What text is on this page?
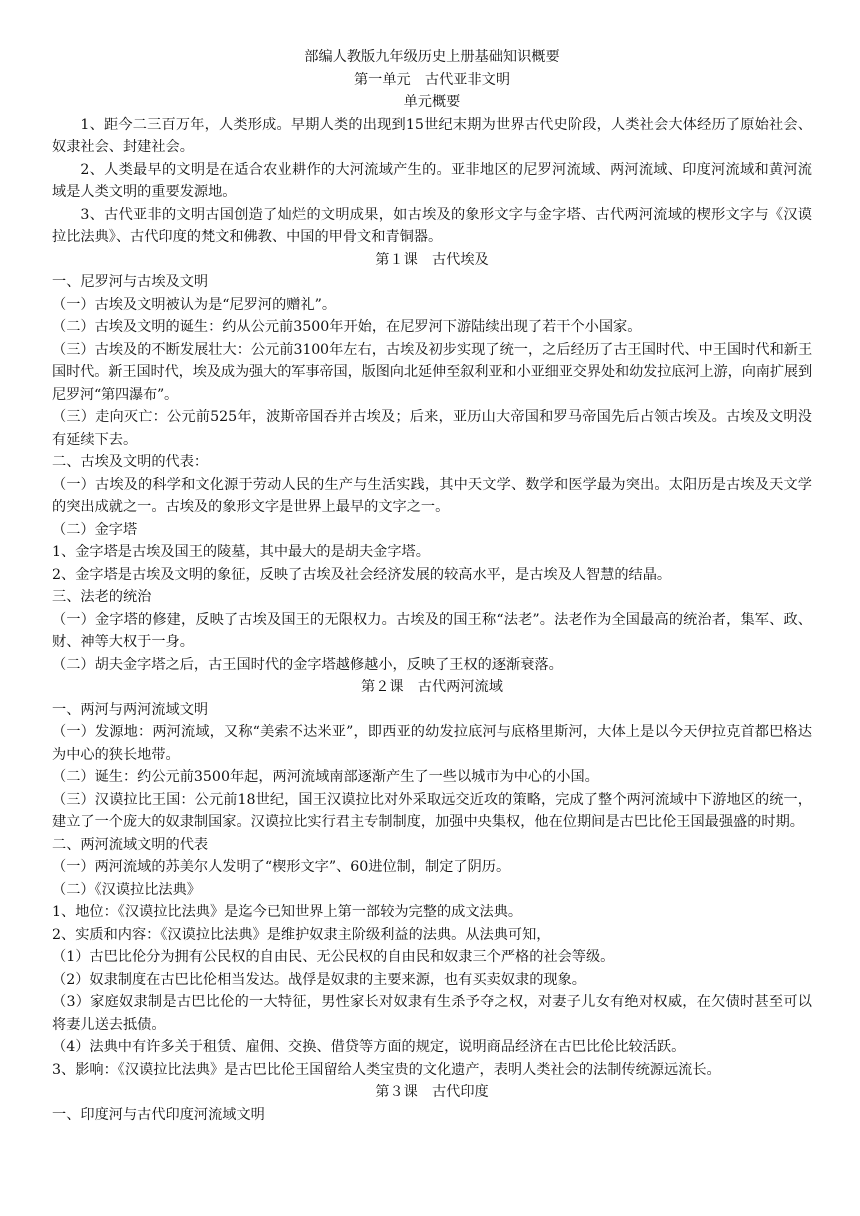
部编人教版九年级历史上册基础知识概要
第一单元　古代亚非文明
单元概要
1、距今二三百万年，人类形成。早期人类的出现到15世纪末期为世界古代史阶段，人类社会大体经历了原始社会、奴隶社会、封建社会。
2、人类最早的文明是在适合农业耕作的大河流域产生的。亚非地区的尼罗河流域、两河流域、印度河流域和黄河流域是人类文明的重要发源地。
3、古代亚非的文明古国创造了灿烂的文明成果，如古埃及的象形文字与金字塔、古代两河流域的楔形文字与《汉谟拉比法典》、古代印度的梵文和佛教、中国的甲骨文和青铜器。
第１课　古代埃及
一、尼罗河与古埃及文明
（一）古埃及文明被认为是“尼罗河的赠礼”。
（二）古埃及文明的诞生：约从公元前3500年开始，在尼罗河下游陆续出现了若干个小国家。
（三）古埃及的不断发展壮大：公元前3100年左右，古埃及初步实现了统一，之后经历了古王国时代、中王国时代和新王国时代。新王国时代，埃及成为强大的军事帝国，版图向北延伸至叙利亚和小亚细亚交界处和幼发拉底河上游，向南扩展到尼罗河“第四瀑布”。
（三）走向灭亡：公元前525年，波斯帝国吞并古埃及；后来，亚历山大帝国和罗马帝国先后占领古埃及。古埃及文明没有延续下去。
二、古埃及文明的代表：
（一）古埃及的科学和文化源于劳动人民的生产与生活实践，其中天文学、数学和医学最为突出。太阳历是古埃及天文学的突出成就之一。古埃及的象形文字是世界上最早的文字之一。
（二）金字塔
1、金字塔是古埃及国王的陵墓，其中最大的是胡夫金字塔。
2、金字塔是古埃及文明的象征，反映了古埃及社会经济发展的较高水平，是古埃及人智慧的结晶。
三、法老的统治
（一）金字塔的修建，反映了古埃及国王的无限权力。古埃及的国王称“法老”。法老作为全国最高的统治者，集军、政、财、神等大权于一身。
（二）胡夫金字塔之后，古王国时代的金字塔越修越小，反映了王权的逐渐衰落。
第２课　古代两河流域
一、两河与两河流域文明
（一）发源地：两河流域，又称“美索不达米亚”，即西亚的幼发拉底河与底格里斯河，大体上是以今天伊拉克首都巴格达为中心的狭长地带。
（二）诞生：约公元前3500年起，两河流域南部逐渐产生了一些以城市为中心的小国。
（三）汉谟拉比王国：公元前18世纪，国王汉谟拉比对外采取远交近攻的策略，完成了整个两河流域中下游地区的统一，建立了一个庞大的奴隶制国家。汉谟拉比实行君主专制制度，加强中央集权，他在位期间是古巴比伦王国最强盛的时期。
二、两河流域文明的代表
（一）两河流域的苏美尔人发明了“楔形文字”、60进位制，制定了阴历。
（二）《汉谟拉比法典》
1、地位：《汉谟拉比法典》是迄今已知世界上第一部较为完整的成文法典。
2、实质和内容：《汉谟拉比法典》是维护奴隶主阶级利益的法典。从法典可知，
（1）古巴比伦分为拥有公民权的自由民、无公民权的自由民和奴隶三个严格的社会等级。
（2）奴隶制度在古巴比伦相当发达。战俘是奴隶的主要来源，也有买卖奴隶的现象。
（3）家庭奴隶制是古巴比伦的一大特征，男性家长对奴隶有生杀予夺之权，对妻子儿女有绝对权威，在欠债时甚至可以将妻儿送去抵债。
（4）法典中有许多关于租赁、雇佣、交换、借贷等方面的规定，说明商品经济在古巴比伦比较活跃。
3、影响：《汉谟拉比法典》是古巴比伦王国留给人类宝贵的文化遗产，表明人类社会的法制传统源远流长。
第３课　古代印度
一、印度河与古代印度河流域文明
